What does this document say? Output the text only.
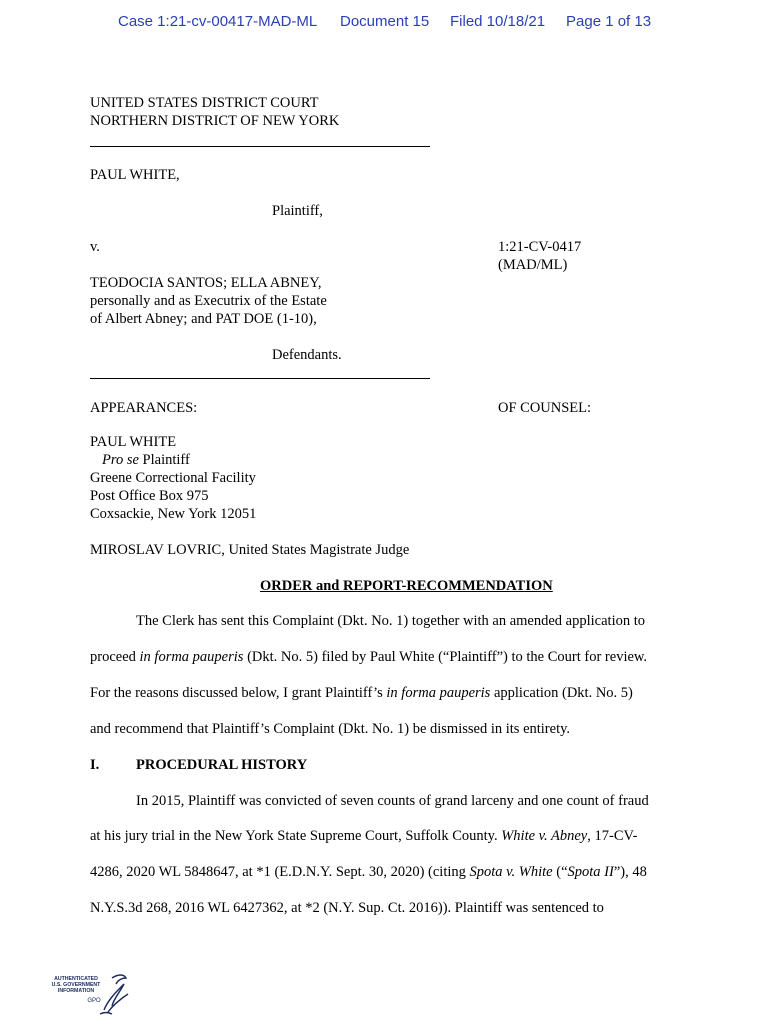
Case 1:21-cv-00417-MAD-ML Document 15 Filed 10/18/21 Page 1 of 13
UNITED STATES DISTRICT COURT
NORTHERN DISTRICT OF NEW YORK
PAUL WHITE,
Plaintiff,
v.	1:21-CV-0417
(MAD/ML)
TEODOCIA SANTOS; ELLA ABNEY,
personally and as Executrix of the Estate
of Albert Abney; and PAT DOE (1-10),
Defendants.
APPEARANCES:	OF COUNSEL:
PAUL WHITE
Pro se Plaintiff
Greene Correctional Facility
Post Office Box 975
Coxsackie, New York 12051
MIROSLAV LOVRIC, United States Magistrate Judge
ORDER and REPORT-RECOMMENDATION
The Clerk has sent this Complaint (Dkt. No. 1) together with an amended application to
proceed in forma pauperis (Dkt. No. 5) filed by Paul White (“Plaintiff”) to the Court for review.
For the reasons discussed below, I grant Plaintiff’s in forma pauperis application (Dkt. No. 5)
and recommend that Plaintiff’s Complaint (Dkt. No. 1) be dismissed in its entirety.
I.	PROCEDURAL HISTORY
In 2015, Plaintiff was convicted of seven counts of grand larceny and one count of fraud
at his jury trial in the New York State Supreme Court, Suffolk County. White v. Abney, 17-CV-
4286, 2020 WL 5848647, at *1 (E.D.N.Y. Sept. 30, 2020) (citing Spota v. White (“Spota II”), 48
N.Y.S.3d 268, 2016 WL 6427362, at *2 (N.Y. Sup. Ct. 2016)). Plaintiff was sentenced to
AUTHENTICATED
U.S. GOVERNMENT
INFORMATION
GPO
